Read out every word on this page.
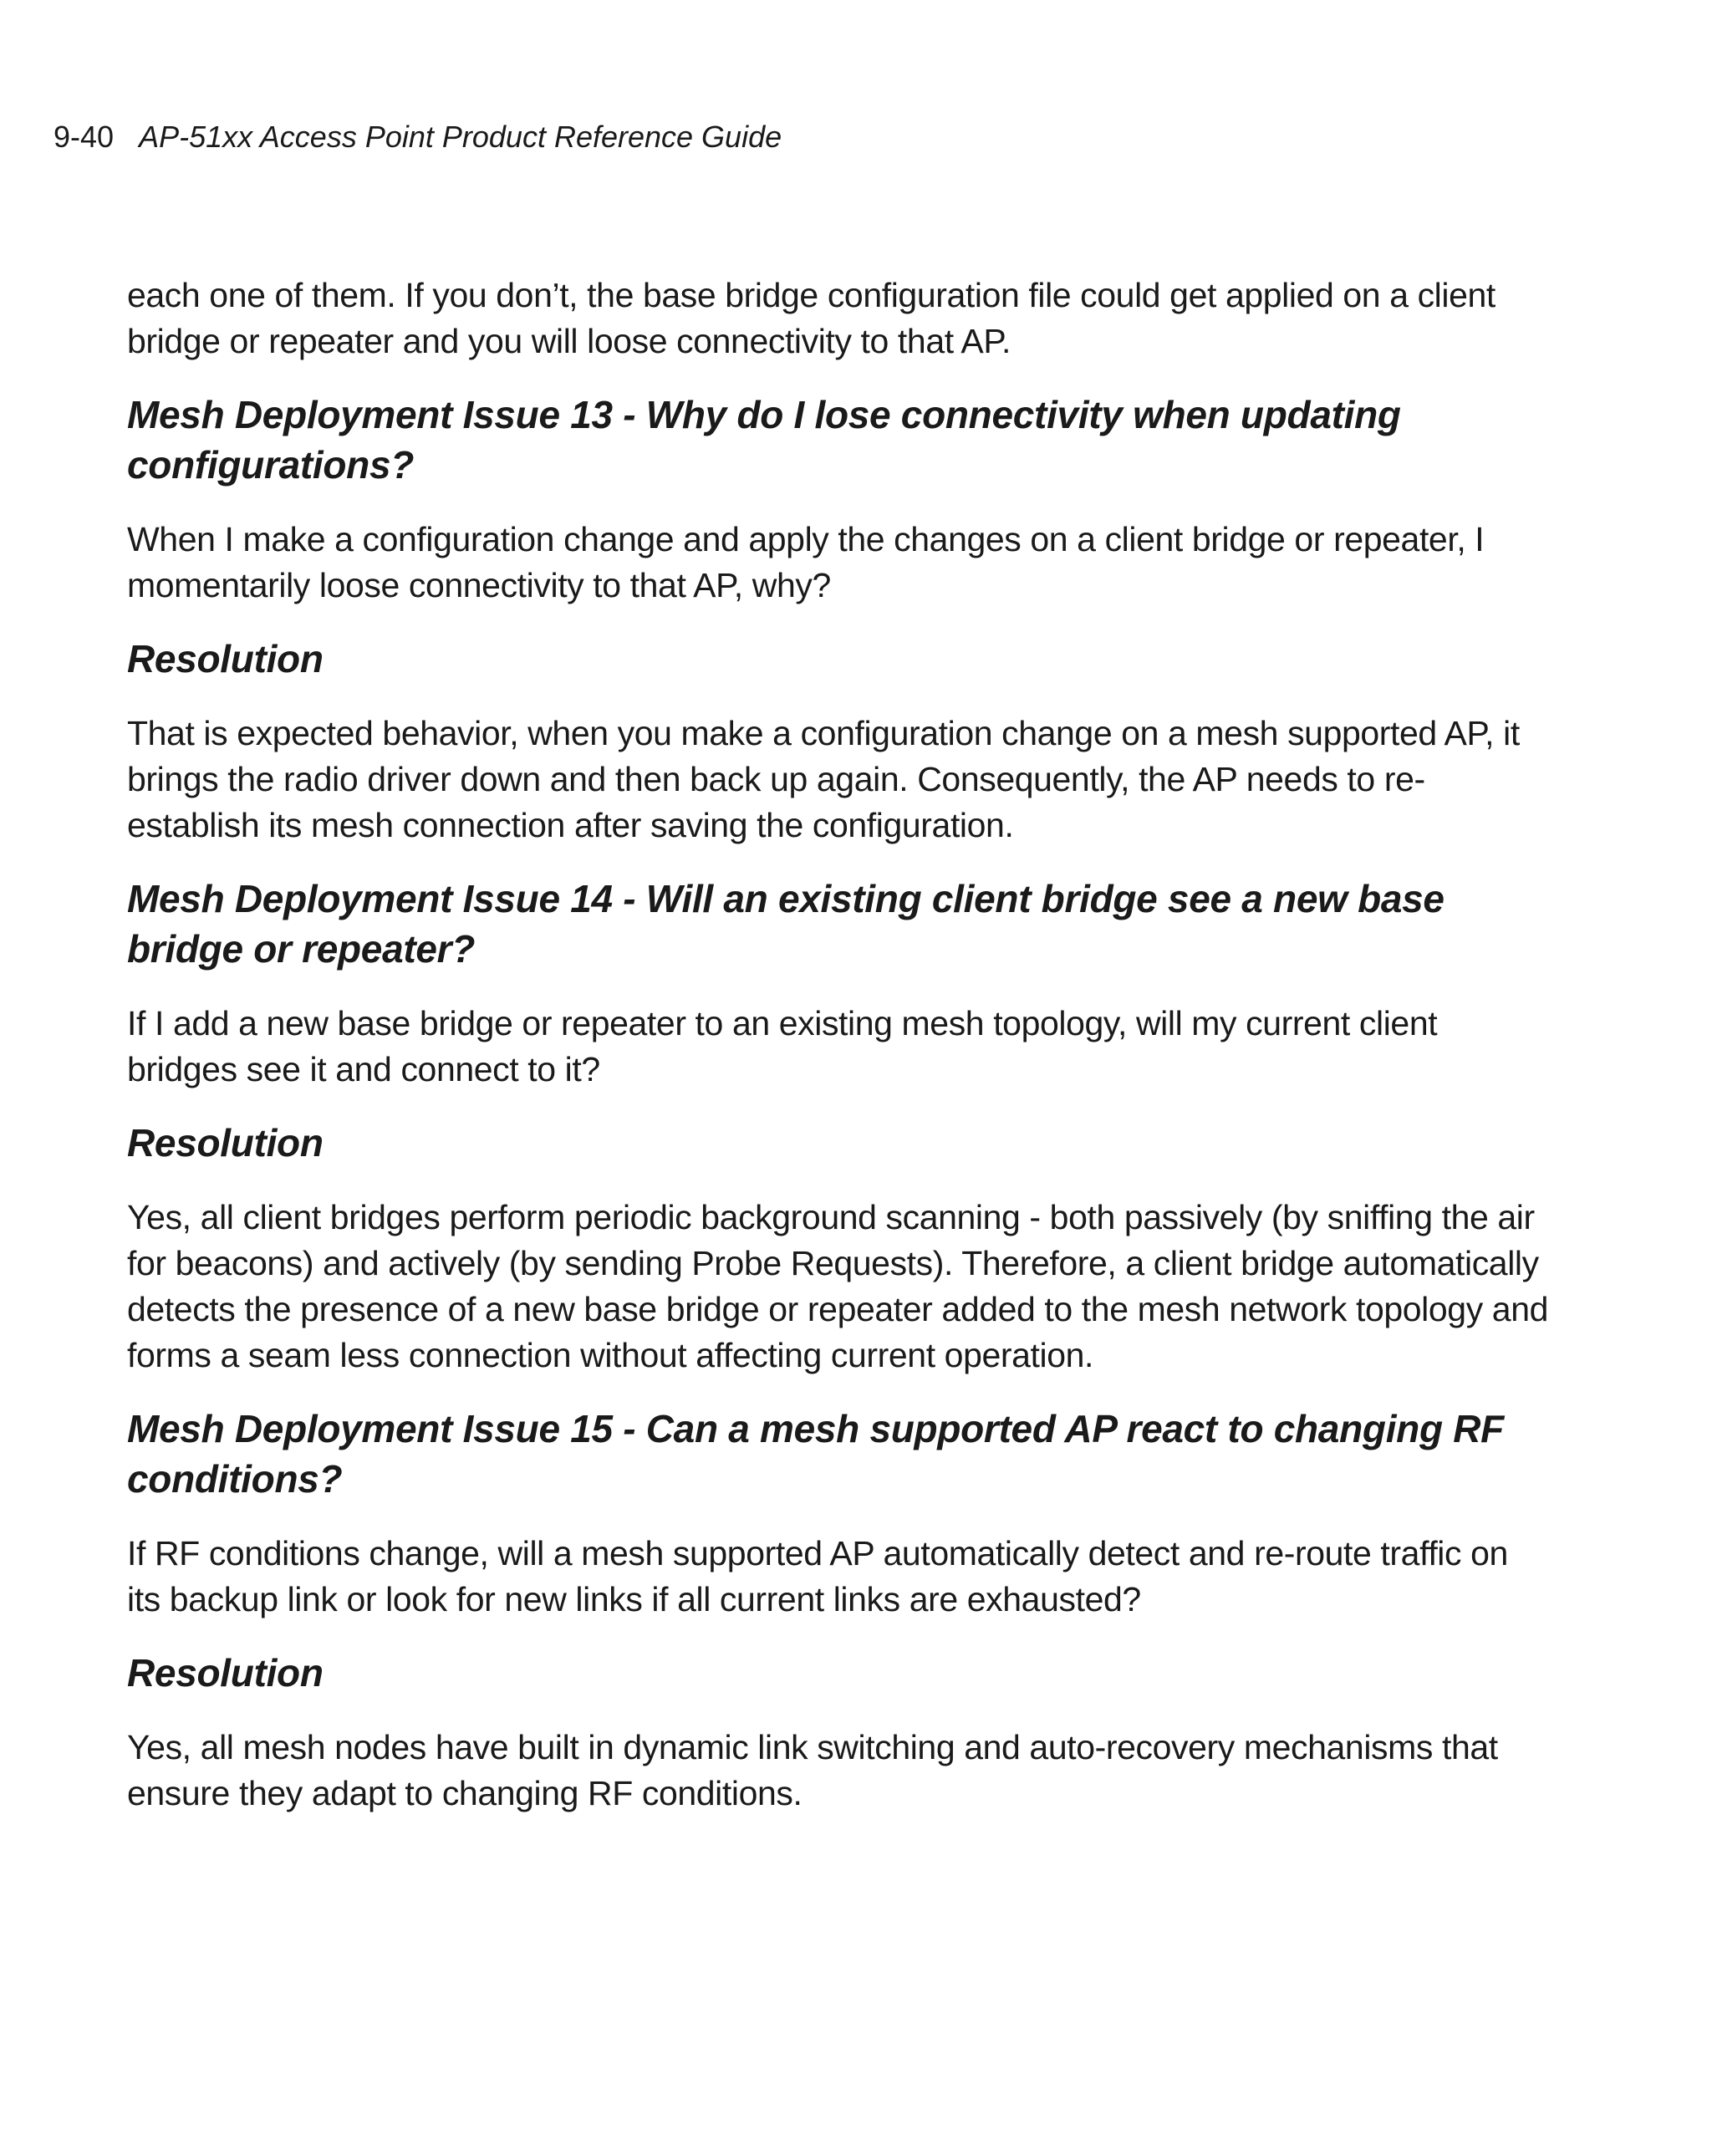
9-40 AP-51xx Access Point Product Reference Guide

each one of them. If you don’t, the base bridge configuration file could get applied on a client bridge or repeater and you will loose connectivity to that AP.

Mesh Deployment Issue 13 - Why do I lose connectivity when updating configurations?

When I make a configuration change and apply the changes on a client bridge or repeater, I momentarily loose connectivity to that AP, why?

Resolution

That is expected behavior, when you make a configuration change on a mesh supported AP, it brings the radio driver down and then back up again. Consequently, the AP needs to re-establish its mesh connection after saving the configuration.

Mesh Deployment Issue 14 - Will an existing client bridge see a new base bridge or repeater?

If I add a new base bridge or repeater to an existing mesh topology, will my current client bridges see it and connect to it?

Resolution

Yes, all client bridges perform periodic background scanning - both passively (by sniffing the air for beacons) and actively (by sending Probe Requests). Therefore, a client bridge automatically detects the presence of a new base bridge or repeater added to the mesh network topology and forms a seam less connection without affecting current operation.

Mesh Deployment Issue 15 - Can a mesh supported AP react to changing RF conditions?

If RF conditions change, will a mesh supported AP automatically detect and re-route traffic on its backup link or look for new links if all current links are exhausted?

Resolution

Yes, all mesh nodes have built in dynamic link switching and auto-recovery mechanisms that ensure they adapt to changing RF conditions.
